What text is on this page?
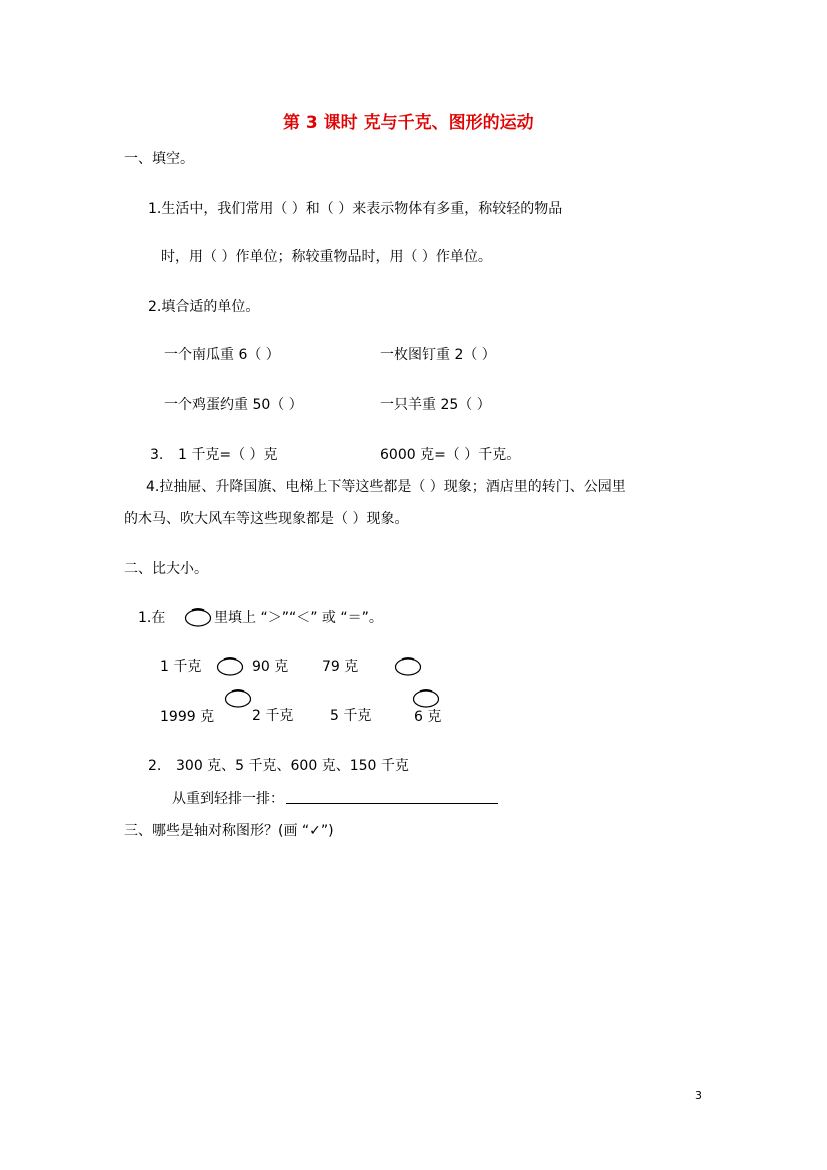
第 3 课时 克与千克、图形的运动
一、填空。
1.生活中，我们常用（ ）和（ ）来表示物体有多重，称较轻的物品
时，用（ ）作单位；称较重物品时，用（ ）作单位。
2.填合适的单位。
一个南瓜重 6（ ）	一枚图钉重 2（ ）
一个鸡蛋约重 50（ ）	一只羊重 25（ ）
3. 1 千克=（ ）克	6000 克=（ ）千克。
4.拉抽屉、升降国旗、电梯上下等这些都是（ ）现象；酒店里的转门、公园里
的木马、吹大风车等这些现象都是（ ）现象。
二、比大小。
1.在	里填上 “＞”“＜” 或 “＝”。
1 千克	90 克 79 克
1999 克	2 千克	5 千克	6 克
2. 300 克、5 千克、600 克、150 千克
从重到轻排一排：
三、哪些是轴对称图形？(画 “✓”)
3
